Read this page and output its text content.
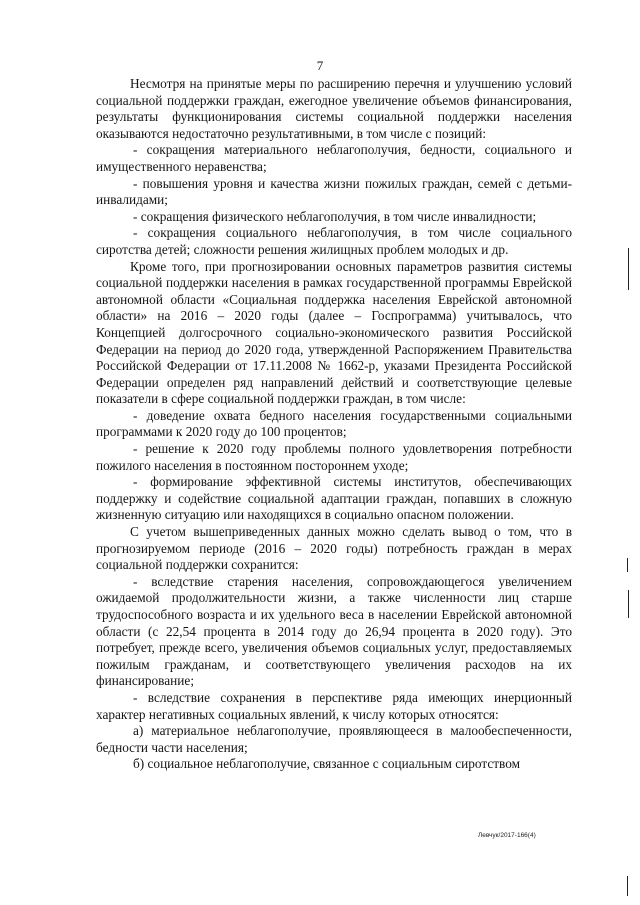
7

Несмотря на принятые меры по расширению перечня и улучшению условий социальной поддержки граждан, ежегодное увеличение объемов финансирования, результаты функционирования системы социальной поддержки населения оказываются недостаточно результативными, в том числе с позиций:

- сокращения материального неблагополучия, бедности, социального и имущественного неравенства;

- повышения уровня и качества жизни пожилых граждан, семей с детьми-инвалидами;

- сокращения физического неблагополучия, в том числе инвалидности;

- сокращения социального неблагополучия, в том числе социального сиротства детей; сложности решения жилищных проблем молодых и др.

Кроме того, при прогнозировании основных параметров развития системы социальной поддержки населения в рамках государственной программы Еврейской автономной области «Социальная поддержка населения Еврейской автономной области» на 2016 – 2020 годы (далее – Госпрограмма) учитывалось, что Концепцией долгосрочного социально-экономического развития Российской Федерации на период до 2020 года, утвержденной Распоряжением Правительства Российской Федерации от 17.11.2008 № 1662-р, указами Президента Российской Федерации определен ряд направлений действий и соответствующие целевые показатели в сфере социальной поддержки граждан, в том числе:

- доведение охвата бедного населения государственными социальными программами к 2020 году до 100 процентов;

- решение к 2020 году проблемы полного удовлетворения потребности пожилого населения в постоянном постороннем уходе;

- формирование эффективной системы институтов, обеспечивающих поддержку и содействие социальной адаптации граждан, попавших в сложную жизненную ситуацию или находящихся в социально опасном положении.

С учетом вышеприведенных данных можно сделать вывод о том, что в прогнозируемом периоде (2016 – 2020 годы) потребность граждан в мерах социальной поддержки сохранится:

- вследствие старения населения, сопровождающегося увеличением ожидаемой продолжительности жизни, а также численности лиц старше трудоспособного возраста и их удельного веса в населении Еврейской автономной области (с 22,54 процента в 2014 году до 26,94 процента в 2020 году). Это потребует, прежде всего, увеличения объемов социальных услуг, предоставляемых пожилым гражданам, и соответствующего увеличения расходов на их финансирование;

- вследствие сохранения в перспективе ряда имеющих инерционный характер негативных социальных явлений, к числу которых относятся:

а) материальное неблагополучие, проявляющееся в малообеспеченности, бедности части населения;

б) социальное неблагополучие, связанное с социальным сиротством

Левчук/2017-166(4)
